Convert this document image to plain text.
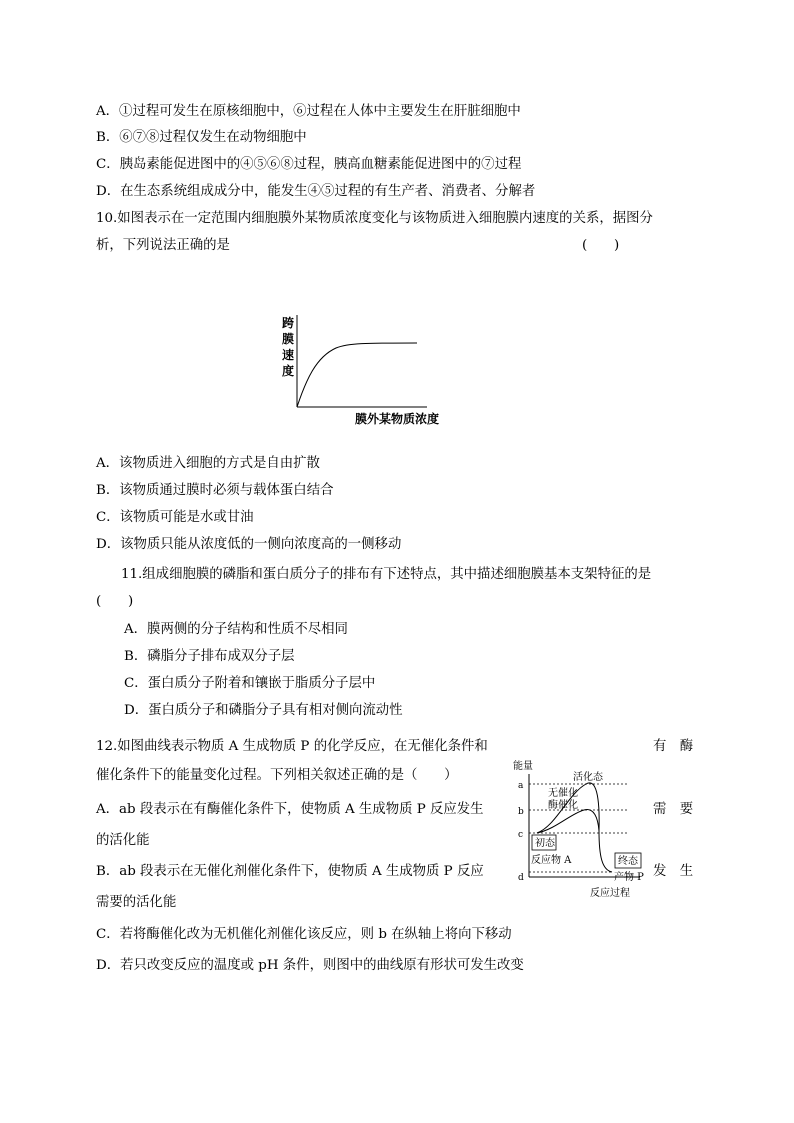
A．①过程可发生在原核细胞中，⑥过程在人体中主要发生在肝脏细胞中
B．⑥⑦⑧过程仅发生在动物细胞中
C．胰岛素能促进图中的④⑤⑥⑧过程，胰高血糖素能促进图中的⑦过程
D．在生态系统组成成分中，能发生④⑤过程的有生产者、消费者、分解者
10.如图表示在一定范围内细胞膜外某物质浓度变化与该物质进入细胞膜内速度的关系，据图分
析，下列说法正确的是	(　　)
跨
膜
速
度
膜外某物质浓度
A．该物质进入细胞的方式是自由扩散
B．该物质通过膜时必须与载体蛋白结合
C．该物质可能是水或甘油
D．该物质只能从浓度低的一侧向浓度高的一侧移动
11.组成细胞膜的磷脂和蛋白质分子的排布有下述特点，其中描述细胞膜基本支架特征的是
(　　)
A．膜两侧的分子结构和性质不尽相同
B．磷脂分子排布成双分子层
C．蛋白质分子附着和镶嵌于脂质分子层中
D．蛋白质分子和磷脂分子具有相对侧向流动性
12.如图曲线表示物质 A 生成物质 P 的化学反应，在无催化条件和	有　酶
催化条件下的能量变化过程。下列相关叙述正确的是（　　）
A．ab 段表示在有酶催化条件下，使物质 A 生成物质 P 反应发生	需　要
的活化能
B．ab 段表示在无催化剂催化条件下，使物质 A 生成物质 P 反应	发　生
需要的活化能
C．若将酶催化改为无机催化剂催化该反应，则 b 在纵轴上将向下移动
D．若只改变反应的温度或 pH 条件，则图中的曲线原有形状可发生改变
能量
反应过程
a
b
c
d
活化态
无催化
酶催化
初态
反应物 A	终态
产物 P
